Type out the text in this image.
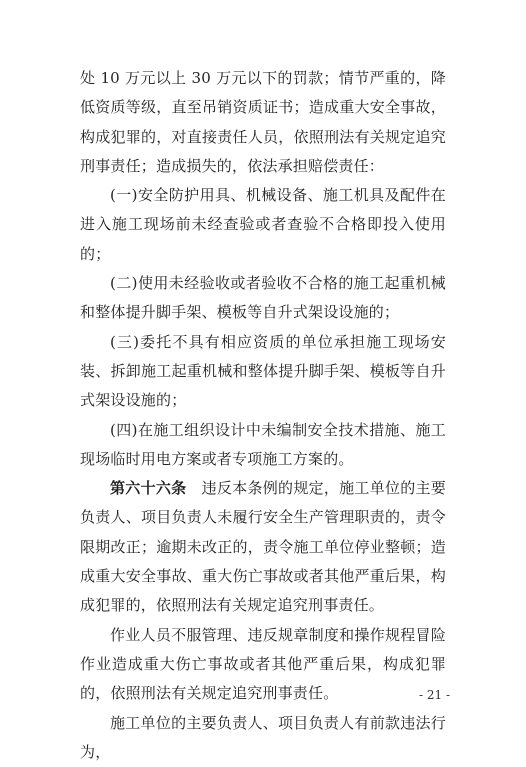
处 10 万元以上 30 万元以下的罚款；情节严重的，降低资质等级，直至吊销资质证书；造成重大安全事故，构成犯罪的，对直接责任人员，依照刑法有关规定追究刑事责任；造成损失的，依法承担赔偿责任：

(一)安全防护用具、机械设备、施工机具及配件在进入施工现场前未经查验或者查验不合格即投入使用的；

(二)使用未经验收或者验收不合格的施工起重机械和整体提升脚手架、模板等自升式架设设施的；

(三)委托不具有相应资质的单位承担施工现场安装、拆卸施工起重机械和整体提升脚手架、模板等自升式架设设施的；

(四)在施工组织设计中未编制安全技术措施、施工现场临时用电方案或者专项施工方案的。

第六十六条　违反本条例的规定，施工单位的主要负责人、项目负责人未履行安全生产管理职责的，责令限期改正；逾期未改正的，责令施工单位停业整顿；造成重大安全事故、重大伤亡事故或者其他严重后果，构成犯罪的，依照刑法有关规定追究刑事责任。

作业人员不服管理、违反规章制度和操作规程冒险作业造成重大伤亡事故或者其他严重后果，构成犯罪的，依照刑法有关规定追究刑事责任。

施工单位的主要负责人、项目负责人有前款违法行为，

- 21 -
